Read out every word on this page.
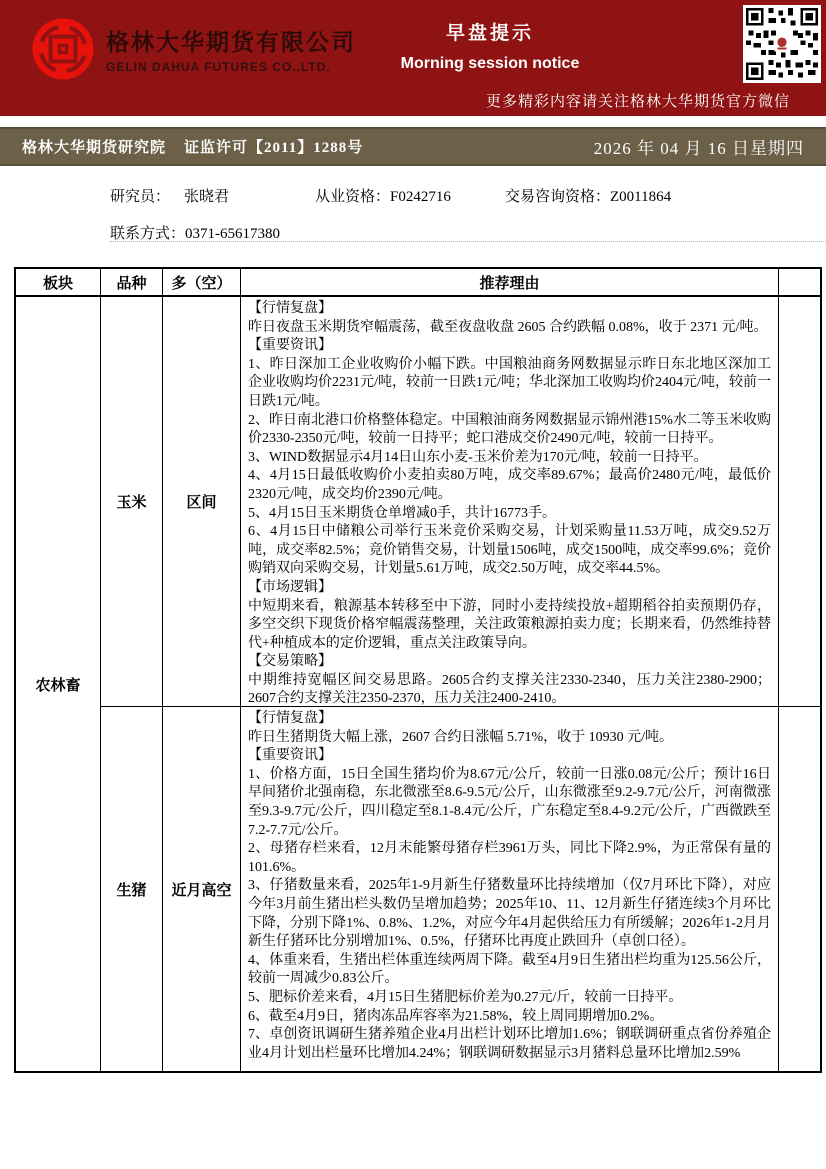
格林大华期货有限公司
GELIN DAHUA FUTURES CO.,LTD.
早盘提示
Morning session notice
更多精彩内容请关注格林大华期货官方微信
格林大华期货研究院 证监许可【2011】1288号	2026 年 04 月 16 日星期四
研究员： 张晓君	从业资格：F0242716	交易咨询资格：Z0011864
联系方式：0371-65617380
板块	品种	多（空）	推荐理由
农林畜
玉米	区间

【行情复盘】

昨日夜盘玉米期货窄幅震荡，截至夜盘收盘 2605 合约跌幅 0.08%，收于 2371 元/吨。

【重要资讯】

1、昨日深加工企业收购价小幅下跌。中国粮油商务网数据显示昨日东北地区深加工企业收购均价2231元/吨，较前一日跌1元/吨；华北深加工收购均价2404元/吨，较前一日跌1元/吨。

2、昨日南北港口价格整体稳定。中国粮油商务网数据显示锦州港15%水二等玉米收购价2330-2350元/吨，较前一日持平；蛇口港成交价2490元/吨，较前一日持平。

3、WIND数据显示4月14日山东小麦-玉米价差为170元/吨，较前一日持平。

4、4月15日最低收购价小麦拍卖80万吨，成交率89.67%；最高价2480元/吨，最低价2320元/吨，成交均价2390元/吨。

5、4月15日玉米期货仓单增减0手，共计16773手。

6、4月15日中储粮公司举行玉米竞价采购交易，计划采购量11.53万吨，成交9.52万吨，成交率82.5%；竞价销售交易，计划量1506吨，成交1500吨，成交率99.6%；竞价购销双向采购交易，计划量5.61万吨，成交2.50万吨，成交率44.5%。

【市场逻辑】

中短期来看，粮源基本转移至中下游，同时小麦持续投放+超期稻谷拍卖预期仍存，多空交织下现货价格窄幅震荡整理，关注政策粮源拍卖力度；长期来看，仍然维持替代+种植成本的定价逻辑，重点关注政策导向。

【交易策略】

中期维持宽幅区间交易思路。2605合约支撑关注2330-2340，压力关注2380-2900；2607合约支撑关注2350-2370，压力关注2400-2410。

生猪	近月高空

【行情复盘】

昨日生猪期货大幅上涨，2607 合约日涨幅 5.71%，收于 10930 元/吨。

【重要资讯】

1、价格方面，15日全国生猪均价为8.67元/公斤，较前一日涨0.08元/公斤；预计16日早间猪价北强南稳，东北微涨至8.6-9.5元/公斤，山东微涨至9.2-9.7元/公斤，河南微涨至9.3-9.7元/公斤，四川稳定至8.1-8.4元/公斤，广东稳定至8.4-9.2元/公斤，广西微跌至7.2-7.7元/公斤。

2、母猪存栏来看，12月末能繁母猪存栏3961万头，同比下降2.9%，为正常保有量的101.6%。

3、仔猪数量来看，2025年1-9月新生仔猪数量环比持续增加（仅7月环比下降），对应今年3月前生猪出栏头数仍呈增加趋势；2025年10、11、12月新生仔猪连续3个月环比下降，分别下降1%、0.8%、1.2%，对应今年4月起供给压力有所缓解；2026年1-2月月新生仔猪环比分别增加1%、0.5%，仔猪环比再度止跌回升（卓创口径）。

4、体重来看，生猪出栏体重连续两周下降。截至4月9日生猪出栏均重为125.56公斤，较前一周减少0.83公斤。

5、肥标价差来看，4月15日生猪肥标价差为0.27元/斤，较前一日持平。

6、截至4月9日，猪肉冻品库容率为21.58%，较上周同期增加0.2%。

7、卓创资讯调研生猪养殖企业4月出栏计划环比增加1.6%；钢联调研重点省份养殖企业4月计划出栏量环比增加4.24%；钢联调研数据显示3月猪料总量环比增加2.59%
